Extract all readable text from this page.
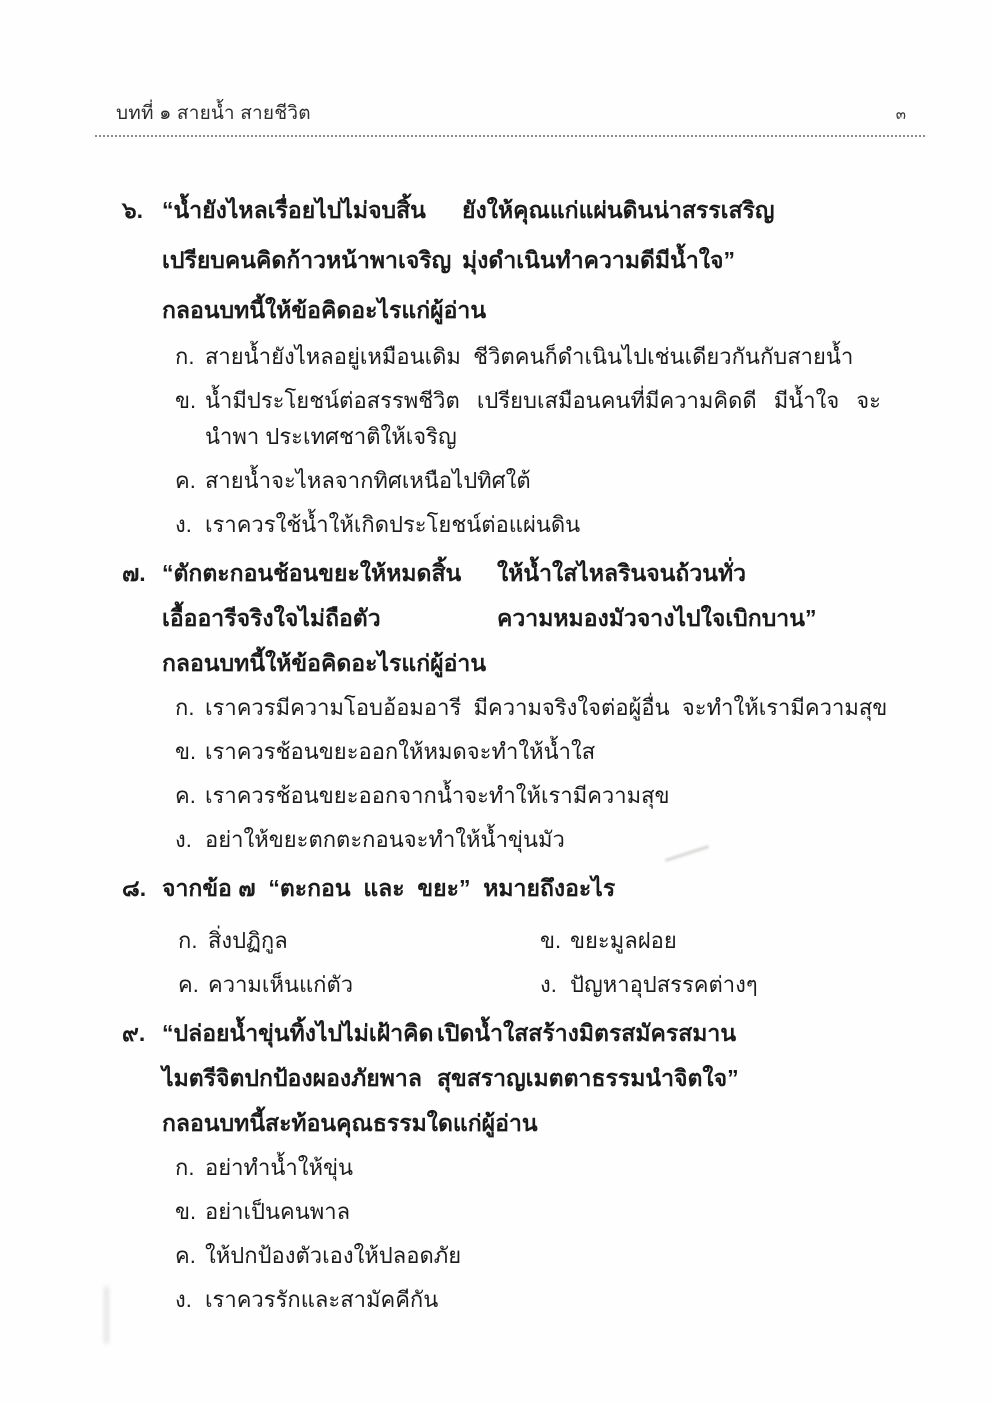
บทที่ ๑ สายน้ำ สายชีวิต	๓
๖. “น้ำยังไหลเรื่อยไปไม่จบสิ้น	ยังให้คุณแก่แผ่นดินน่าสรรเสริญ
เปรียบคนคิดก้าวหน้าพาเจริญ มุ่งดำเนินทำความดีมีน้ำใจ”
กลอนบทนี้ให้ข้อคิดอะไรแก่ผู้อ่าน
ก. สายน้ำยังไหลอยู่เหมือนเดิม  ชีวิตคนก็ดำเนินไปเช่นเดียวกันกับสายน้ำ
ข. น้ำมีประโยชน์ต่อสรรพชีวิต เปรียบเสมือนคนที่มีความคิดดี มีน้ำใจ จะนำพา ประเทศชาติให้เจริญ
ค. สายน้ำจะไหลจากทิศเหนือไปทิศใต้
ง. เราควรใช้น้ำให้เกิดประโยชน์ต่อแผ่นดิน
๗. “ตักตะกอนช้อนขยะให้หมดสิ้น	ให้น้ำใสไหลรินจนถ้วนทั่ว
เอื้ออารีจริงใจไม่ถือตัว	ความหมองมัวจางไปใจเบิกบาน”
กลอนบทนี้ให้ข้อคิดอะไรแก่ผู้อ่าน
ก. เราควรมีความโอบอ้อมอารี  มีความจริงใจต่อผู้อื่น  จะทำให้เรามีความสุข
ข. เราควรช้อนขยะออกให้หมดจะทำให้น้ำใส
ค. เราควรช้อนขยะออกจากน้ำจะทำให้เรามีความสุข
ง. อย่าให้ขยะตกตะกอนจะทำให้น้ำขุ่นมัว
๘. จากข้อ ๗  “ตะกอน  และ  ขยะ”  หมายถึงอะไร
ก. สิ่งปฏิกูล	ข. ขยะมูลฝอย
ค. ความเห็นแก่ตัว	ง. ปัญหาอุปสรรคต่างๆ
๙. “ปล่อยน้ำขุ่นทิ้งไปไม่เฝ้าคิด เปิดน้ำใสสร้างมิตรสมัครสมาน
ไมตรีจิตปกป้องผองภัยพาล สุขสราญเมตตาธรรมนำจิตใจ”
กลอนบทนี้สะท้อนคุณธรรมใดแก่ผู้อ่าน
ก. อย่าทำน้ำให้ขุ่น
ข. อย่าเป็นคนพาล
ค. ให้ปกป้องตัวเองให้ปลอดภัย
ง. เราควรรักและสามัคคีกัน
